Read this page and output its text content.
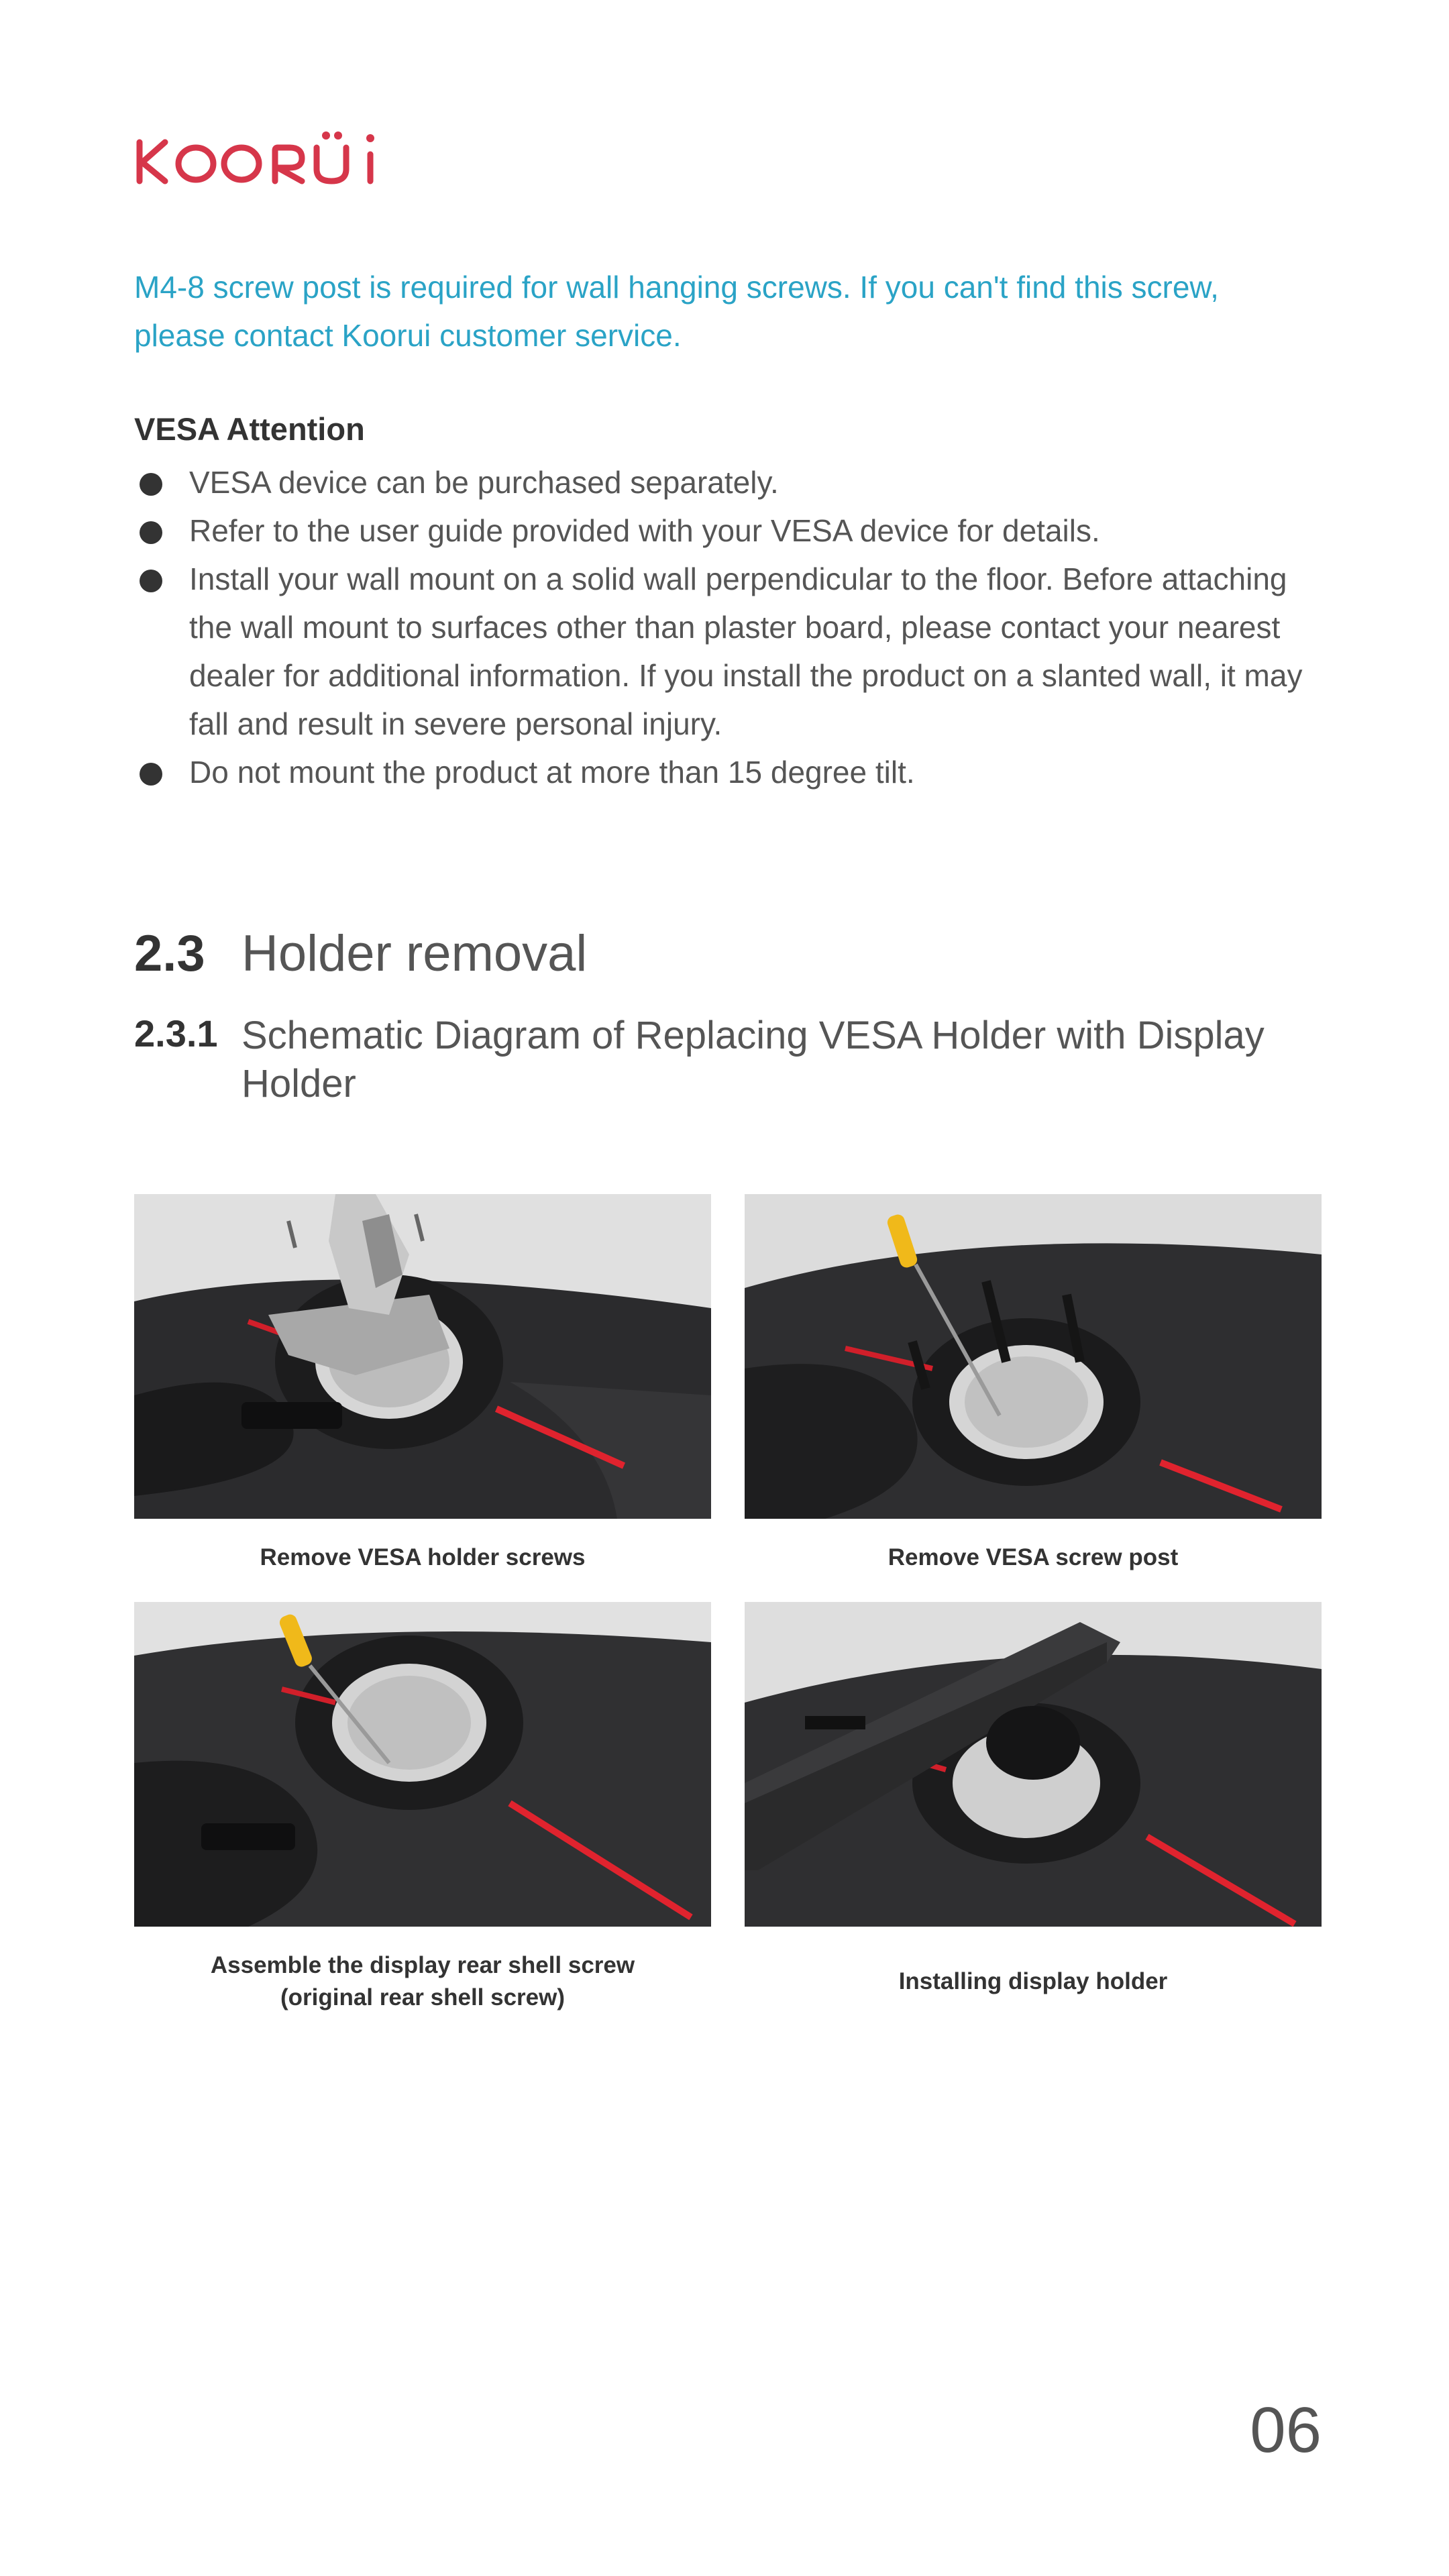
KOORUI
M4-8 screw post is required for wall hanging screws. If you can't find this screw, please contact Koorui customer service.
VESA Attention
VESA device can be purchased separately.
Refer to the user guide provided with your VESA device for details.
Install your wall mount on a solid wall perpendicular to the floor. Before attaching the wall mount to surfaces other than plaster board, please contact your nearest dealer for additional information. If you install the product on a slanted wall, it may fall and result in severe personal injury.
Do not mount the product at more than 15 degree tilt.
2.3 Holder removal
2.3.1 Schematic Diagram of Replacing VESA Holder with Display Holder
Remove VESA holder screws	Remove VESA screw post
Assemble the display rear shell screw
(original rear shell screw)
Installing display holder
06
